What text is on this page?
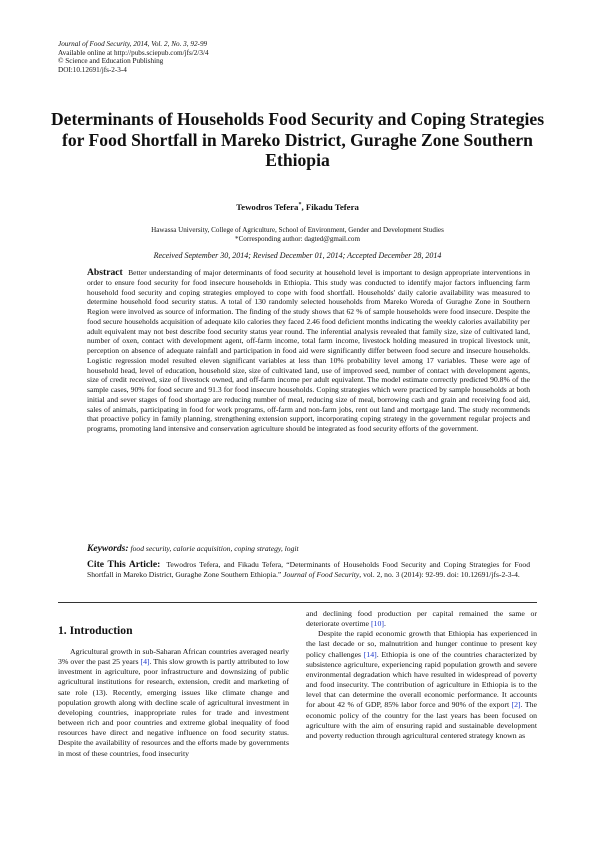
Journal of Food Security, 2014, Vol. 2, No. 3, 92-99
Available online at http://pubs.sciepub.com/jfs/2/3/4
© Science and Education Publishing
DOI:10.12691/jfs-2-3-4
Determinants of Households Food Security and Coping Strategies for Food Shortfall in Mareko District, Guraghe Zone Southern Ethiopia
Tewodros Tefera*, Fikadu Tefera
Hawassa University, College of Agriculture, School of Environment, Gender and Development Studies
*Corresponding author: dagted@gmail.com
Received September 30, 2014; Revised December 01, 2014; Accepted December 28, 2014
Abstract Better understanding of major determinants of food security at household level is important to design appropriate interventions in order to ensure food security for food insecure households in Ethiopia. This study was conducted to identify major factors influencing farm household food security and coping strategies employed to cope with food shortfall. Households' daily calorie availability was measured to determine household food security status. A total of 130 randomly selected households from Mareko Woreda of Guraghe Zone in Southern Region were involved as source of information. The finding of the study shows that 62 % of sample households were food insecure. Despite the food secure households acquisition of adequate kilo calories they faced 2.46 food deficient months indicating the weekly calories availability per adult equivalent may not best describe food security status year round. The inferential analysis revealed that family size, size of cultivated land, number of oxen, contact with development agent, off-farm income, total farm income, livestock holding measured in tropical livestock unit, perception on absence of adequate rainfall and participation in food aid were significantly differ between food secure and insecure households. Logistic regression model resulted eleven significant variables at less than 10% probability level among 17 variables. These were age of household head, level of education, household size, size of cultivated land, use of improved seed, number of contact with development agents, size of credit received, size of livestock owned, and off-farm income per adult equivalent. The model estimate correctly predicted 90.8% of the sample cases, 90% for food secure and 91.3 for food insecure households. Coping strategies which were practiced by sample households at both initial and sever stages of food shortage are reducing number of meal, reducing size of meal, borrowing cash and grain and receiving food aid, sales of animals, participating in food for work programs, off-farm and non-farm jobs, rent out land and mortgage land. The study recommends that proactive policy in family planning, strengthening extension support, incorporating coping strategy in the government regular projects and programs, promoting land intensive and conservation agriculture should be integrated as food security efforts of the government.
Keywords: food security, calorie acquisition, coping strategy, logit
Cite This Article: Tewodros Tefera, and Fikadu Tefera, “Determinants of Households Food Security and Coping Strategies for Food Shortfall in Mareko District, Guraghe Zone Southern Ethiopia.” Journal of Food Security, vol. 2, no. 3 (2014): 92-99. doi: 10.12691/jfs-2-3-4.
1. Introduction

Agricultural growth in sub-Saharan African countries averaged nearly 3% over the past 25 years [4]. This slow growth is partly attributed to low investment in agriculture, poor infrastructure and downsizing of public agricultural institutions for research, extension, credit and marketing of sate role (13). Recently, emerging issues like climate change and population growth along with decline scale of agricultural investment in developing countries, inappropriate rules for trade and investment between rich and poor countries and extreme global inequality of food resources have direct and negative influence on food security status. Despite the availability of resources and the efforts made by governments in most of these countries, food insecurity

and declining food production per capital remained the same or deteriorate overtime [10].

Despite the rapid economic growth that Ethiopia has experienced in the last decade or so, malnutrition and hunger continue to present key policy challenges [14]. Ethiopia is one of the countries characterized by subsistence agriculture, experiencing rapid population growth and severe environmental degradation which have resulted in widespread of poverty and food insecurity. The contribution of agriculture in Ethiopia is to the level that can determine the overall economic performance. It accounts for about 42 % of GDP, 85% labor force and 90% of the export [2]. The economic policy of the country for the last years has been focused on agriculture with the aim of ensuring rapid and sustainable development and poverty reduction through agricultural centered strategy known as
